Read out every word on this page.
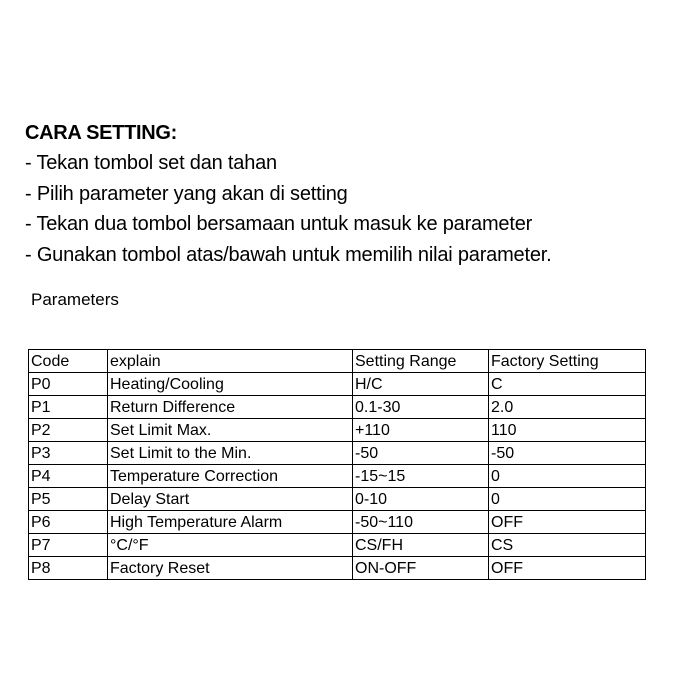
CARA SETTING:
- Tekan tombol set dan tahan
- Pilih parameter yang akan di setting
- Tekan dua tombol bersamaan untuk masuk ke parameter
- Gunakan tombol atas/bawah untuk memilih nilai parameter.
Parameters
Code	explain	Setting Range	Factory Setting
P0	Heating/Cooling	H/C	C
P1	Return Difference	0.1-30	2.0
P2	Set Limit Max.	+110	110
P3	Set Limit to the Min.	-50	-50
P4	Temperature Correction	-15~15	0
P5	Delay Start	0-10	0
P6	High Temperature Alarm	-50~110	OFF
P7	°C/°F	CS/FH	CS
P8	Factory Reset	ON-OFF	OFF
